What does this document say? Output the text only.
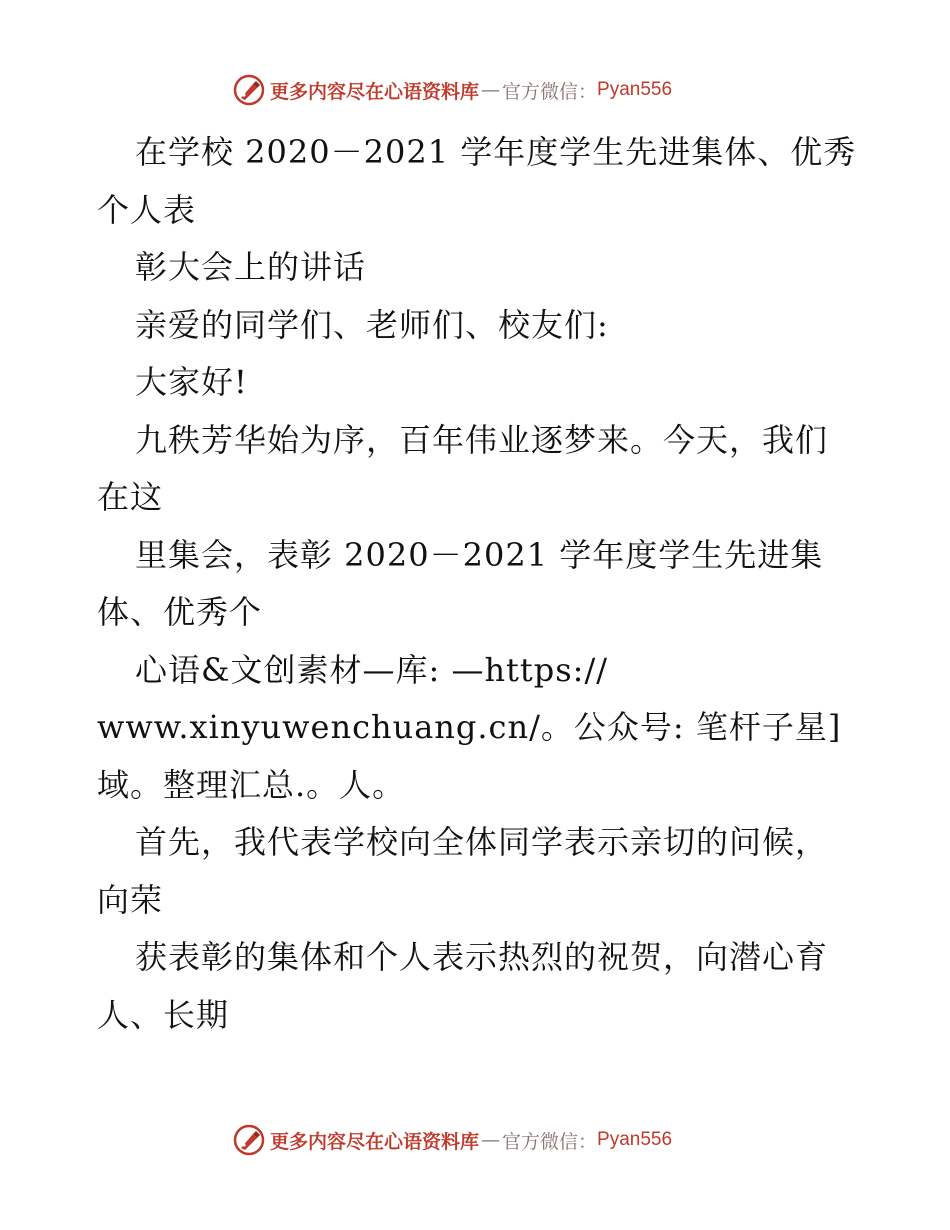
更多内容尽在心语资料库 — 官方微信： Pyan556
在学校 2020－2021 学年度学生先进集体、优秀
个人表
彰大会上的讲话
亲爱的同学们、老师们、校友们:
大家好!
九秩芳华始为序，百年伟业逐梦来。今天，我们
在这
里集会，表彰 2020－2021 学年度学生先进集
体、优秀个
心语&文创素材—库: —https://
www.xinyuwenchuang.cn/。公众号: 笔杆子星]
域。整理汇总.。人。
首先，我代表学校向全体同学表示亲切的问候，
向荣
获表彰的集体和个人表示热烈的祝贺，向潜心育
人、长期
更多内容尽在心语资料库 — 官方微信： Pyan556
